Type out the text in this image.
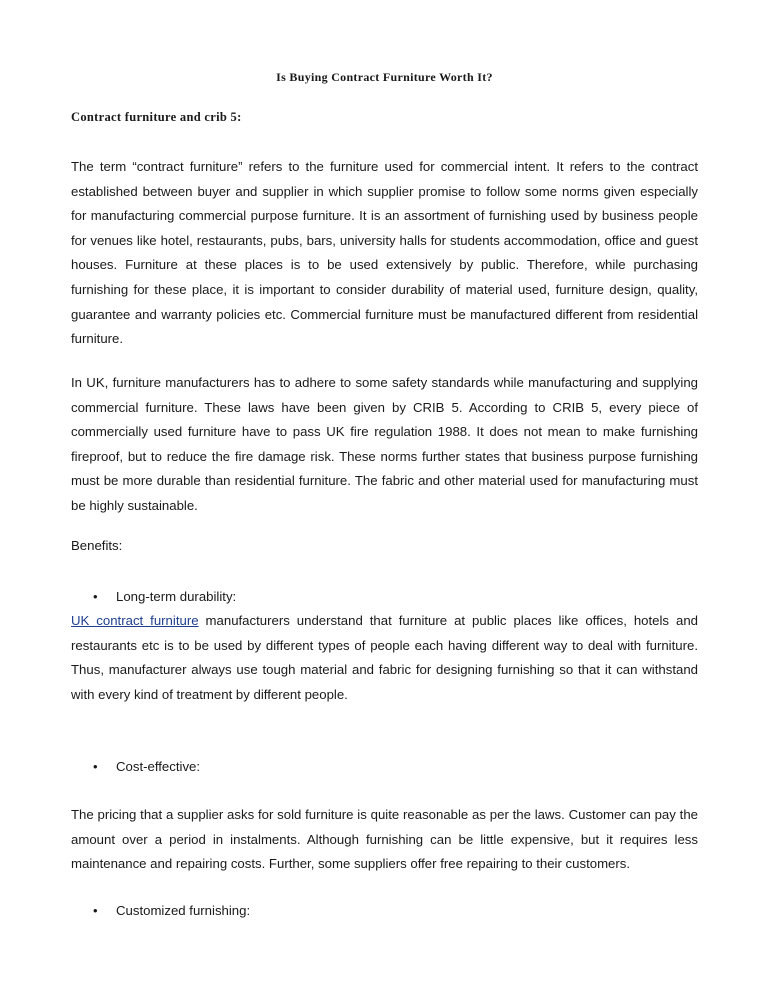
Is Buying Contract Furniture Worth It?
Contract furniture and crib 5:

The term “contract furniture” refers to the furniture used for commercial intent. It refers to the contract established between buyer and supplier in which supplier promise to follow some norms given especially for manufacturing commercial purpose furniture. It is an assortment of furnishing used by business people for venues like hotel, restaurants, pubs, bars, university halls for students accommodation, office and guest houses. Furniture at these places is to be used extensively by public. Therefore, while purchasing furnishing for these place, it is important to consider durability of material used, furniture design, quality, guarantee and warranty policies etc. Commercial furniture must be manufactured different from residential furniture.

In UK, furniture manufacturers has to adhere to some safety standards while manufacturing and supplying commercial furniture. These laws have been given by CRIB 5. According to CRIB 5, every piece of commercially used furniture have to pass UK fire regulation 1988. It does not mean to make furnishing fireproof, but to reduce the fire damage risk. These norms further states that business purpose furnishing must be more durable than residential furniture. The fabric and other material used for manufacturing must be highly sustainable.

Benefits:

• Long-term durability:

UK contract furniture manufacturers understand that furniture at public places like offices, hotels and restaurants etc is to be used by different types of people each having different way to deal with furniture. Thus, manufacturer always use tough material and fabric for designing furnishing so that it can withstand with every kind of treatment by different people.

• Cost-effective:

The pricing that a supplier asks for sold furniture is quite reasonable as per the laws. Customer can pay the amount over a period in instalments. Although furnishing can be little expensive, but it requires less maintenance and repairing costs. Further, some suppliers offer free repairing to their customers.

• Customized furnishing:
